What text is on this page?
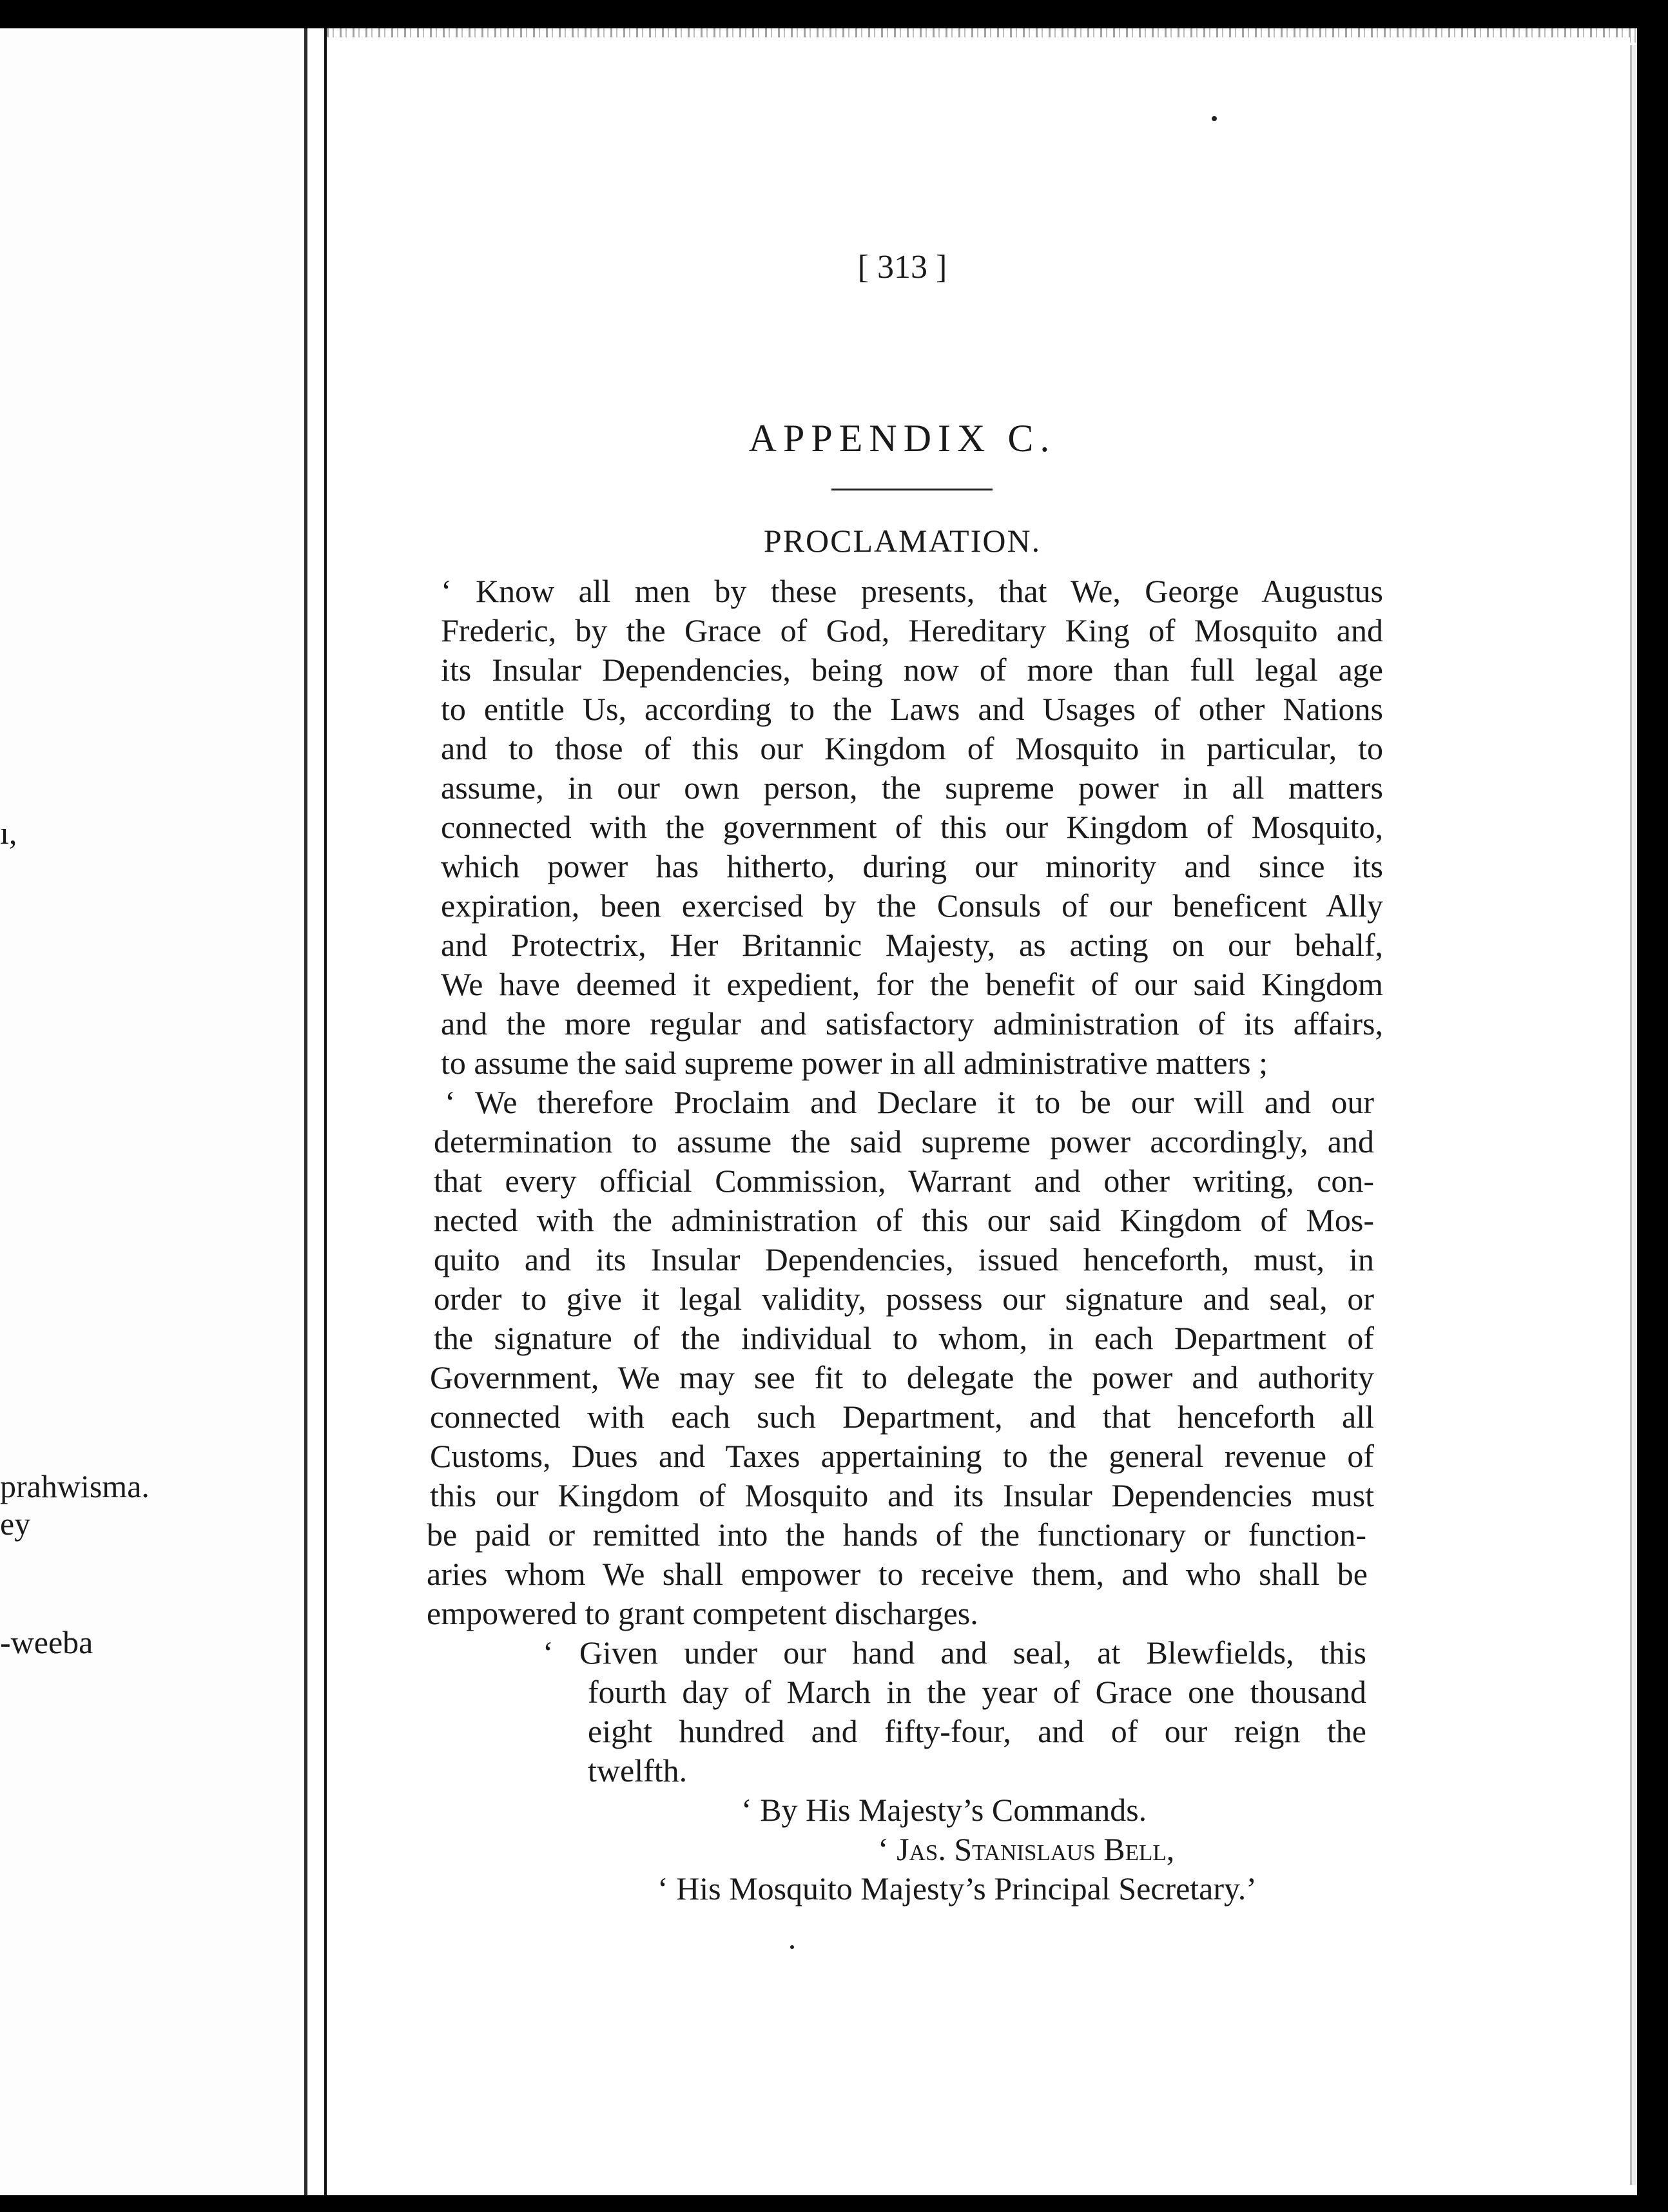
ı,
prahwisma.
ey
-weeba
[ 313 ]
APPENDIX C.
PROCLAMATION.
‘ Know all men by these presents, that We, George Augustus
Frederic, by the Grace of God, Hereditary King of Mosquito and
its Insular Dependencies, being now of more than full legal age
to entitle Us, according to the Laws and Usages of other Nations
and to those of this our Kingdom of Mosquito in particular, to
assume, in our own person, the supreme power in all matters
connected with the government of this our Kingdom of Mosquito,
which power has hitherto, during our minority and since its
expiration, been exercised by the Consuls of our beneficent Ally
and Protectrix, Her Britannic Majesty, as acting on our behalf,
We have deemed it expedient, for the benefit of our said Kingdom
and the more regular and satisfactory administration of its affairs,
to assume the said supreme power in all administrative matters ;
‘ We therefore Proclaim and Declare it to be our will and our
determination to assume the said supreme power accordingly, and
that every official Commission, Warrant and other writing, con-
nected with the administration of this our said Kingdom of Mos-
quito and its Insular Dependencies, issued henceforth, must, in
order to give it legal validity, possess our signature and seal, or
the signature of the individual to whom, in each Department of
Government, We may see fit to delegate the power and authority
connected with each such Department, and that henceforth all
Customs, Dues and Taxes appertaining to the general revenue of
this our Kingdom of Mosquito and its Insular Dependencies must
be paid or remitted into the hands of the functionary or function-
aries whom We shall empower to receive them, and who shall be
empowered to grant competent discharges.
‘ Given under our hand and seal, at Blewfields, this
fourth day of March in the year of Grace one thousand
eight hundred and fifty-four, and of our reign the
twelfth.
‘ By His Majesty’s Commands.
‘ Jas. Stanislaus Bell,
‘ His Mosquito Majesty’s Principal Secretary.’
